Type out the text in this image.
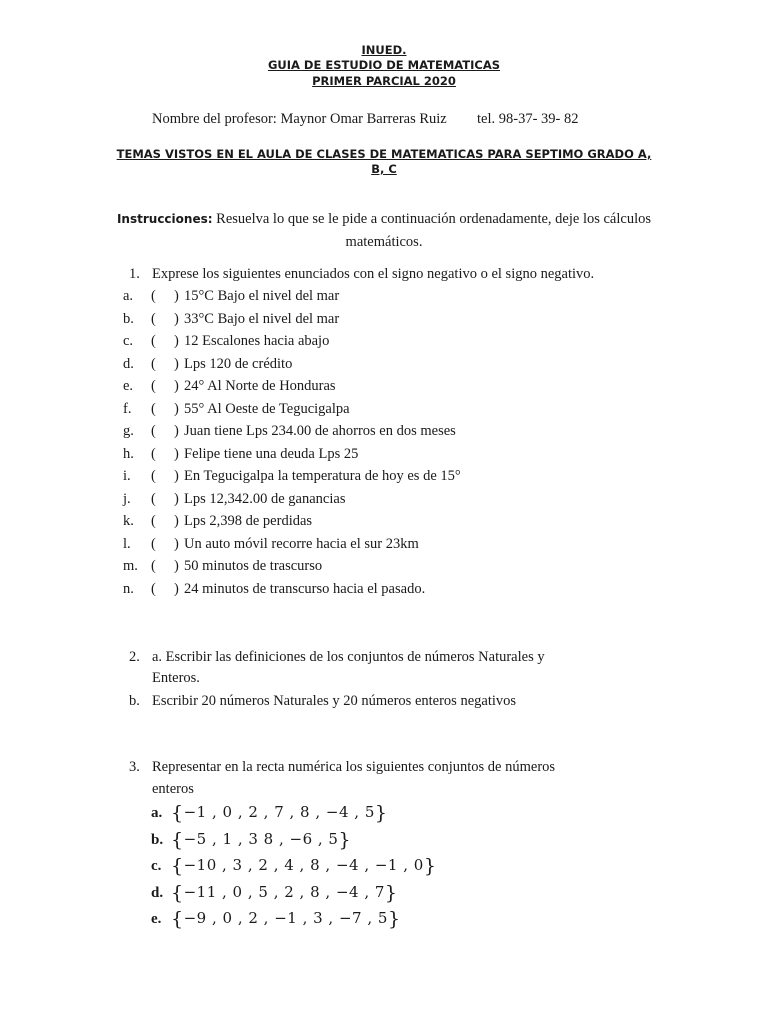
INUED.
GUIA DE ESTUDIO DE MATEMATICAS
PRIMER PARCIAL 2020
Nombre del profesor: Maynor Omar Barreras Ruiz tel. 98-37- 39- 82
TEMAS VISTOS EN EL AULA DE CLASES DE MATEMATICAS PARA SEPTIMO GRADO A, B, C
Instrucciones: Resuelva lo que se le pide a continuación ordenadamente, deje los cálculos matemáticos.
1. Exprese los siguientes enunciados con el signo negativo o el signo negativo.
a. (     ) 15°C Bajo el nivel del mar
b. (     ) 33°C Bajo el nivel del mar
c. (     ) 12 Escalones hacia abajo
d. (     ) Lps 120 de crédito
e. (     ) 24° Al Norte de Honduras
f. (     ) 55° Al Oeste de Tegucigalpa
g. (     ) Juan tiene Lps 234.00 de ahorros en dos meses
h. (     ) Felipe tiene una deuda Lps 25
i. (     ) En Tegucigalpa la temperatura de hoy es de 15°
j. (     ) Lps 12,342.00 de ganancias
k. (     ) Lps 2,398 de perdidas
l. (     ) Un auto móvil recorre hacia el sur 23km
m. (     ) 50 minutos de trascurso
n. (     ) 24 minutos de transcurso hacia el pasado.
2. a. Escribir las definiciones de los conjuntos de números Naturales y
Enteros.
b. Escribir 20 números Naturales y 20 números enteros negativos
3. Representar en la recta numérica los siguientes conjuntos de números
enteros
a. {−1 , 0 , 2 , 7 , 8 , −4 , 5}
b. {−5 , 1 , 3 8 , −6 , 5}
c. {−10 , 3 , 2 , 4 , 8 , −4 , −1 , 0}
d. {−11 , 0 , 5 , 2 , 8 , −4 , 7}
e. {−9 , 0 , 2 , −1 , 3 , −7 , 5}
